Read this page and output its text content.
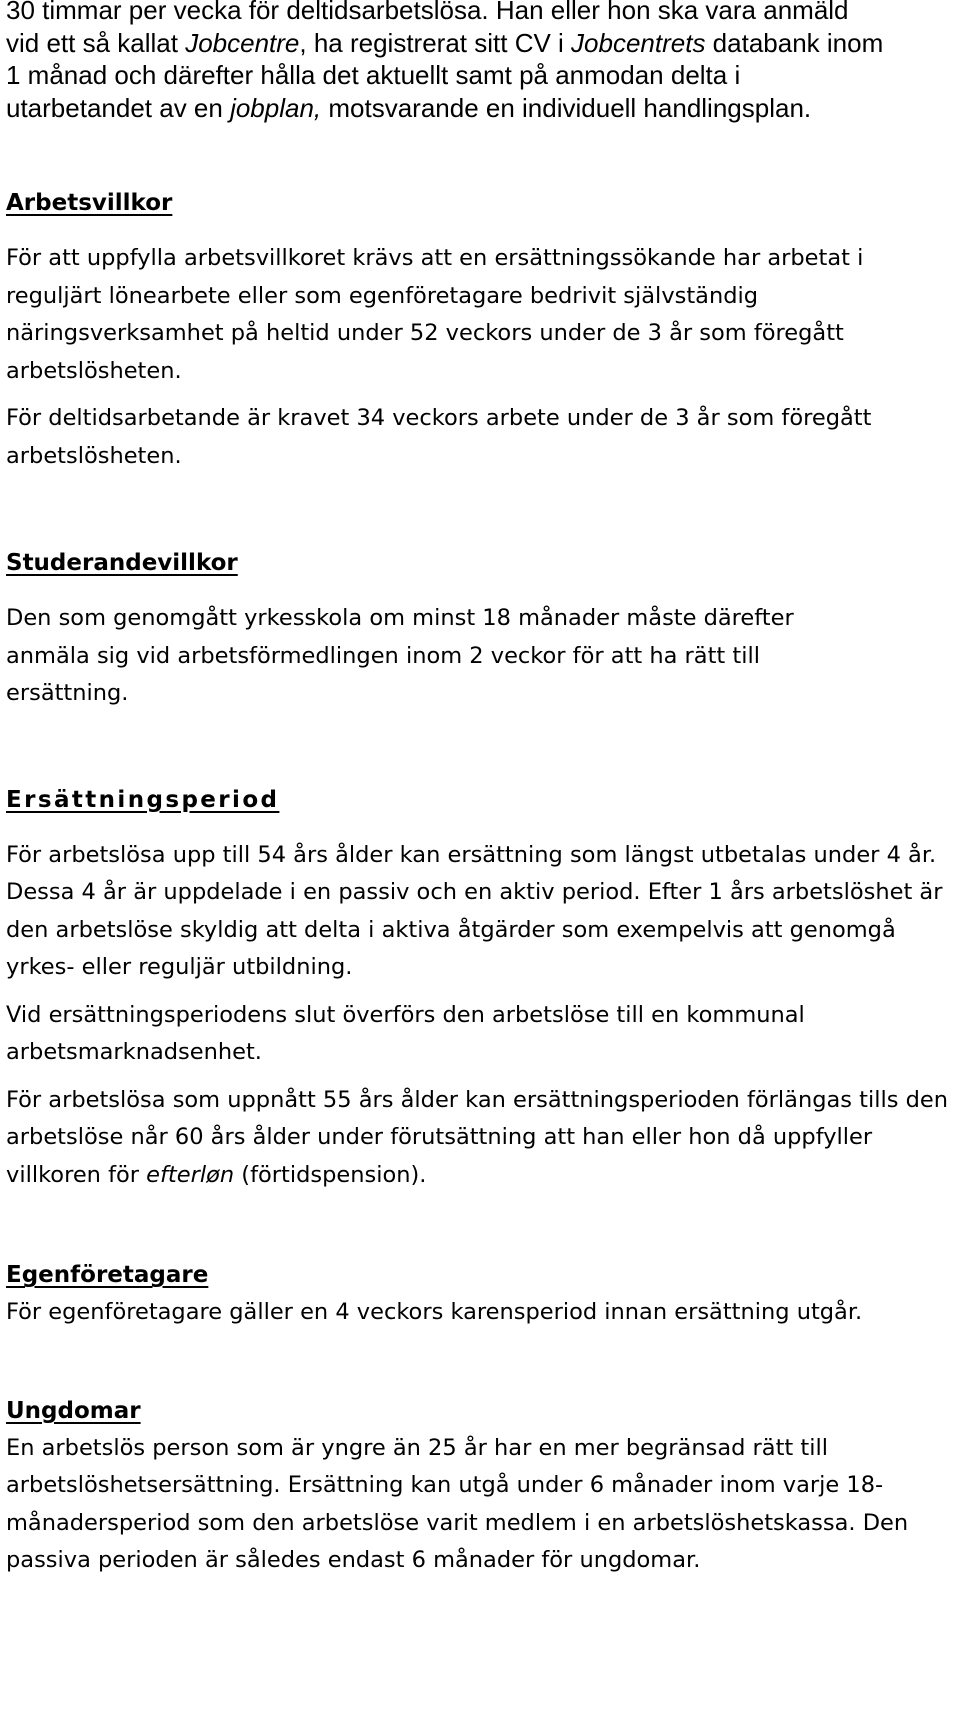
30 timmar per vecka för deltidsarbetslösa. Han eller hon ska vara anmäld
vid ett så kallat Jobcentre, ha registrerat sitt CV i Jobcentrets databank inom
1 månad och därefter hålla det aktuellt samt på anmodan delta i
utarbetandet av en jobplan, motsvarande en individuell handlingsplan.

Arbetsvillkor

För att uppfylla arbetsvillkoret krävs att en ersättningssökande har arbetat i reguljärt lönearbete eller som egenföretagare bedrivit självständig näringsverksamhet på heltid under 52 veckors under de 3 år som föregått arbetslösheten.

För deltidsarbetande är kravet 34 veckors arbete under de 3 år som föregått arbetslösheten.

Studerandevillkor

Den som genomgått yrkesskola om minst 18 månader måste därefter anmäla sig vid arbetsförmedlingen inom 2 veckor för att ha rätt till ersättning.

Ersättningsperiod

För arbetslösa upp till 54 års ålder kan ersättning som längst utbetalas under 4 år. Dessa 4 år är uppdelade i en passiv och en aktiv period. Efter 1 års arbetslöshet är den arbetslöse skyldig att delta i aktiva åtgärder som exempelvis att genomgå yrkes- eller reguljär utbildning.

Vid ersättningsperiodens slut överförs den arbetslöse till en kommunal arbetsmarknadsenhet.

För arbetslösa som uppnått 55 års ålder kan ersättningsperioden förlängas tills den arbetslöse når 60 års ålder under förutsättning att han eller hon då uppfyller villkoren för efterløn (förtidspension).

Egenföretagare

För egenföretagare gäller en 4 veckors karensperiod innan ersättning utgår.

Ungdomar

En arbetslös person som är yngre än 25 år har en mer begränsad rätt till arbetslöshetsersättning. Ersättning kan utgå under 6 månader inom varje 18-månadersperiod som den arbetslöse varit medlem i en arbetslöshetskassa. Den passiva perioden är således endast 6 månader för ungdomar.
